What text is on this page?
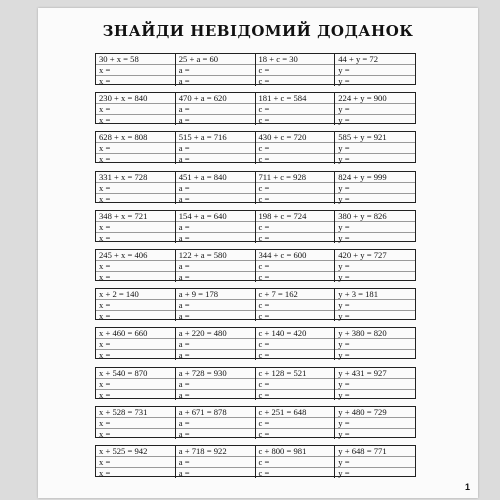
ЗНАЙДИ НЕВІДОМИЙ ДОДАНОК
30 + x = 58
x =
x =
25 + a = 60
a =
a =
18 + c = 30
c =
c =
44 + y = 72
y =
y =
230 + x = 840
x =
x =
470 + a = 620
a =
a =
181 + c = 584
c =
c =
224 + y = 900
y =
y =
628 + x = 808
x =
x =
515 + a = 716
a =
a =
430 + c = 720
c =
c =
585 + y = 921
y =
y =
331 + x = 728
x =
x =
451 + a = 840
a =
a =
711 + c = 928
c =
c =
824 + y = 999
y =
y =
348 + x = 721
x =
x =
154 + a = 640
a =
a =
198 + c = 724
c =
c =
380 + y = 826
y =
y =
245 + x = 406
x =
x =
122 + a = 580
a =
a =
344 + c = 600
c =
c =
420 + y = 727
y =
y =
x + 2 = 140
x =
x =
a + 9 = 178
a =
a =
c + 7 = 162
c =
c =
y + 3 = 181
y =
y =
x + 460 = 660
x =
x =
a + 220 = 480
a =
a =
c + 140 = 420
c =
c =
y + 380 = 820
y =
y =
x + 540 = 870
x =
x =
a + 728 = 930
a =
a =
c + 128 = 521
c =
c =
y + 431 = 927
y =
y =
x + 528 = 731
x =
x =
a + 671 = 878
a =
a =
c + 251 = 648
c =
c =
y + 480 = 729
y =
y =
x + 525 = 942
x =
x =
a + 718 = 922
a =
a =
c + 800 = 981
c =
c =
y + 648 = 771
y =
y =
1
